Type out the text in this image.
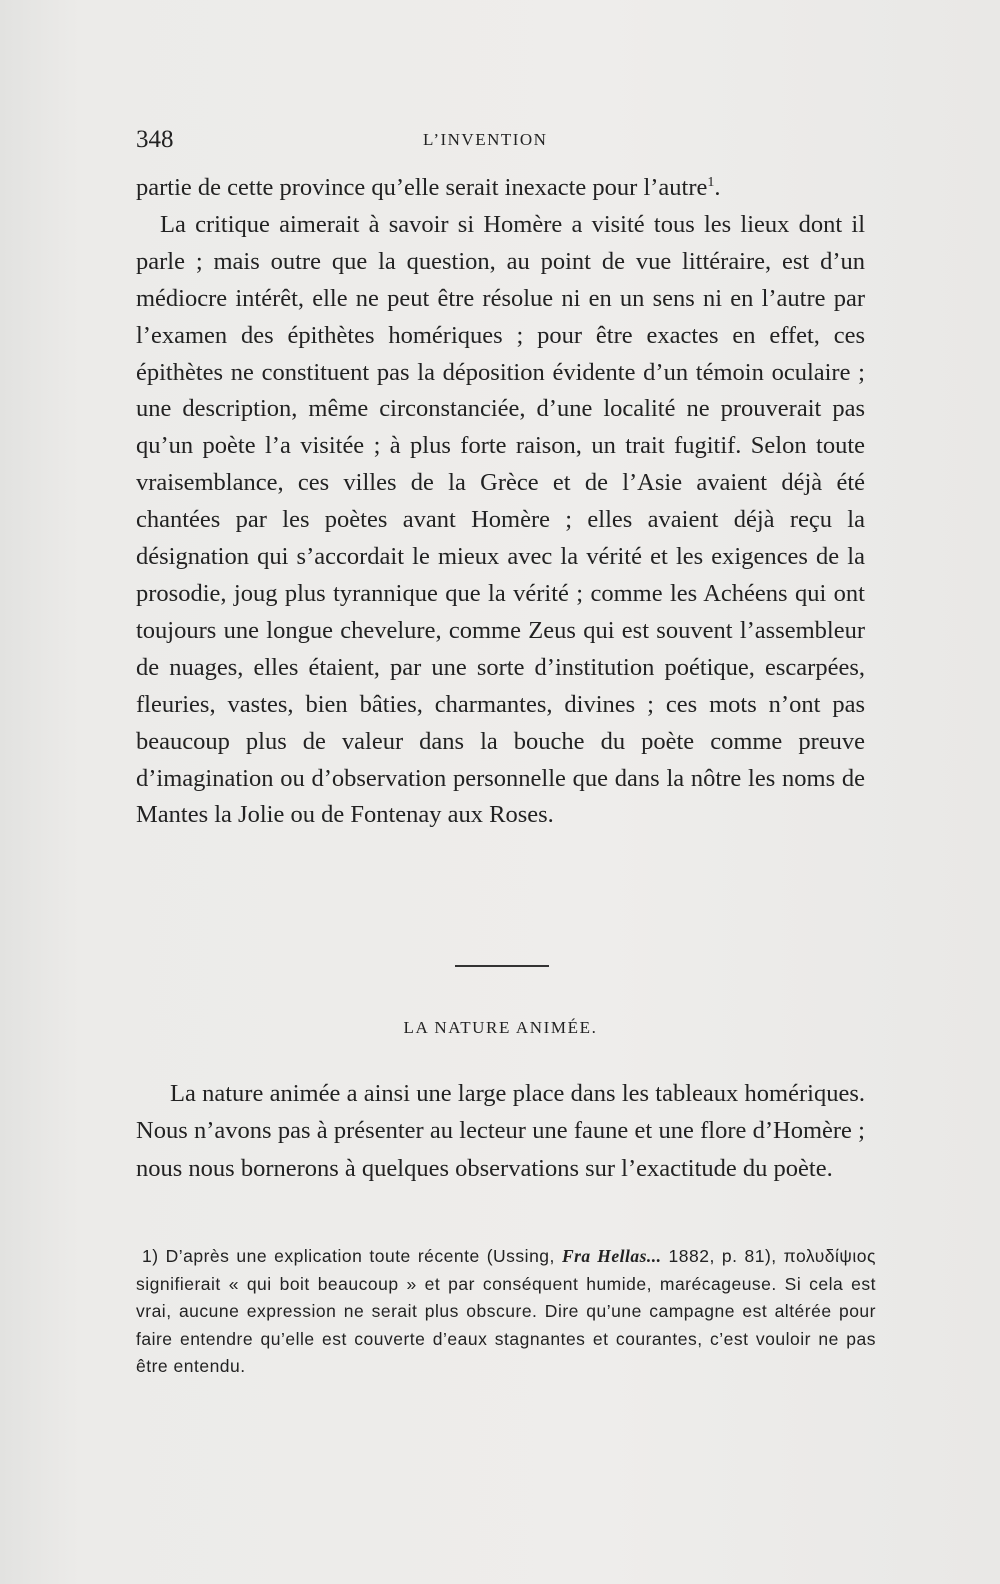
348	L’INVENTION

partie de cette province qu’elle serait inexacte pour l’autre$^1$.

La critique aimerait à savoir si Homère a visité tous les lieux dont il parle ; mais outre que la question, au point de vue littéraire, est d’un médiocre intérêt, elle ne peut être résolue ni en un sens ni en l’autre par l’examen des épithètes homériques ; pour être exactes en effet, ces épithètes ne constituent pas la déposition évidente d’un témoin oculaire ; une description, même circonstanciée, d’une localité ne prouverait pas qu’un poète l’a visitée ; à plus forte raison, un trait fugitif. Selon toute vraisemblance, ces villes de la Grèce et de l’Asie avaient déjà été chantées par les poètes avant Homère ; elles avaient déjà reçu la désignation qui s’accordait le mieux avec la vérité et les exigences de la prosodie, joug plus tyrannique que la vérité ; comme les Achéens qui ont toujours une longue chevelure, comme Zeus qui est souvent l’assembleur de nuages, elles étaient, par une sorte d’institution poétique, escarpées, fleuries, vastes, bien bâties, charmantes, divines ; ces mots n’ont pas beaucoup plus de valeur dans la bouche du poète comme preuve d’imagination ou d’observation personnelle que dans la nôtre les noms de Mantes la Jolie ou de Fontenay aux Roses.

LA NATURE ANIMÉE.

La nature animée a ainsi une large place dans les tableaux homériques. Nous n’avons pas à présenter au lecteur une faune et une flore d’Homère ; nous nous bornerons à quelques observations sur l’exactitude du poète.

1) D’après une explication toute récente (Ussing, Fra Hellas... 1882, p. 81), πολυδίψιος signifierait « qui boit beaucoup » et par conséquent humide, marécageuse. Si cela est vrai, aucune expression ne serait plus obscure. Dire qu’une campagne est altérée pour faire entendre qu’elle est couverte d’eaux stagnantes et courantes, c’est vouloir ne pas être entendu.
